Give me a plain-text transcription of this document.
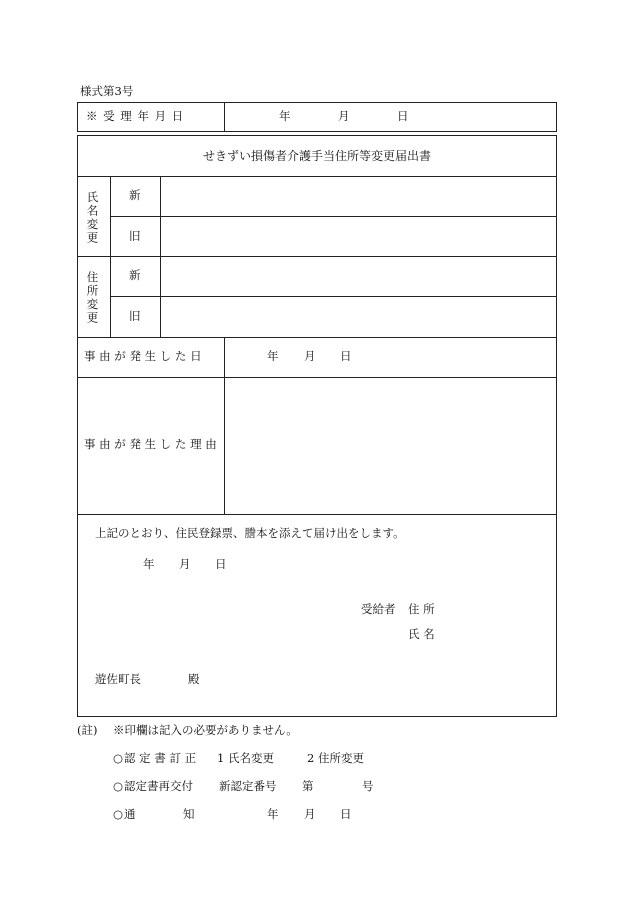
様式第3号
※ 受 理 年 月 日	年	月	日
せきずい損傷者介護手当住所等変更届出書
氏名変更	新
旧
住所変更	新
旧
事 由 が 発 生 し た 日	年 月 日
事 由 が 発 生 し た 理 由
上記のとおり、住民登録票、謄本を添えて届け出をします。
年 月 日
受給者 住 所
氏 名
遊佐町長	殿
(註) ※印欄は記入の必要がありません。
○ 認 定 書 訂 正 1 氏名変更	2 住所変更
○ 認定書再交付 新認定番号 第	号
○ 通	知	年 月 日
